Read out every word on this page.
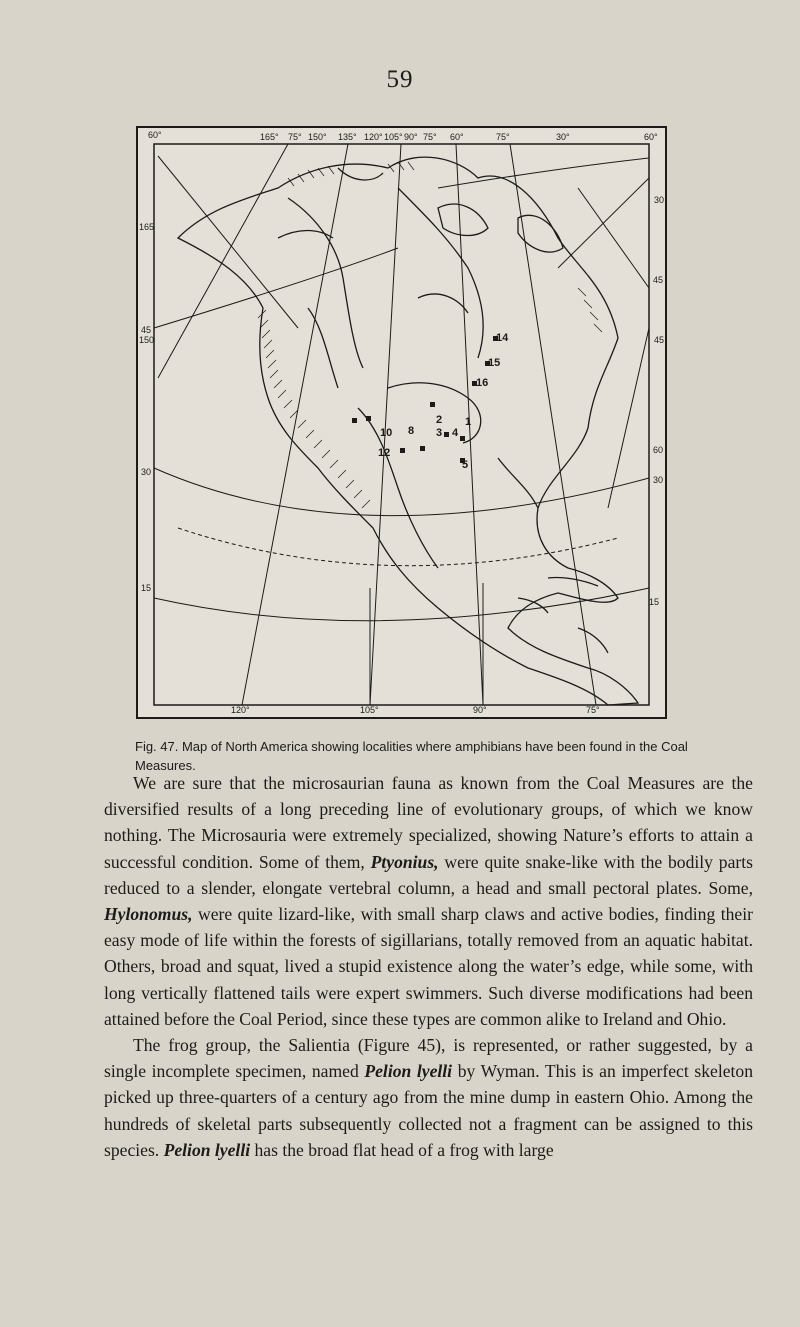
59
14
15
16
2
3 4
1
5
8
10
12
60°	165° 75° 150° 135° 120° 105° 90° 75° 60°	75°	30°	60°
120°	105°	90°	75°
165
45
150
30
15
30
45
45
60
30
15

Fig. 47. Map of North America showing localities where amphibians have been found in the Coal Measures.

We are sure that the microsaurian fauna as known from the Coal Measures are the diversified results of a long preceding line of evolutionary groups, of which we know nothing. The Microsauria were extremely specialized, showing Nature’s efforts to attain a successful condition. Some of them, Ptyonius, were quite snake-like with the bodily parts reduced to a slender, elongate vertebral column, a head and small pectoral plates. Some, Hylonomus, were quite lizard-like, with small sharp claws and active bodies, finding their easy mode of life within the forests of sigillarians, totally removed from an aquatic habitat. Others, broad and squat, lived a stupid existence along the water’s edge, while some, with long vertically flattened tails were expert swimmers. Such diverse modifications had been attained before the Coal Period, since these types are common alike to Ireland and Ohio.

The frog group, the Salientia (Figure 45), is represented, or rather suggested, by a single incomplete specimen, named Pelion lyelli by Wyman. This is an imperfect skeleton picked up three-quarters of a century ago from the mine dump in eastern Ohio. Among the hundreds of skeletal parts subsequently collected not a fragment can be assigned to this species. Pelion lyelli has the broad flat head of a frog with large
